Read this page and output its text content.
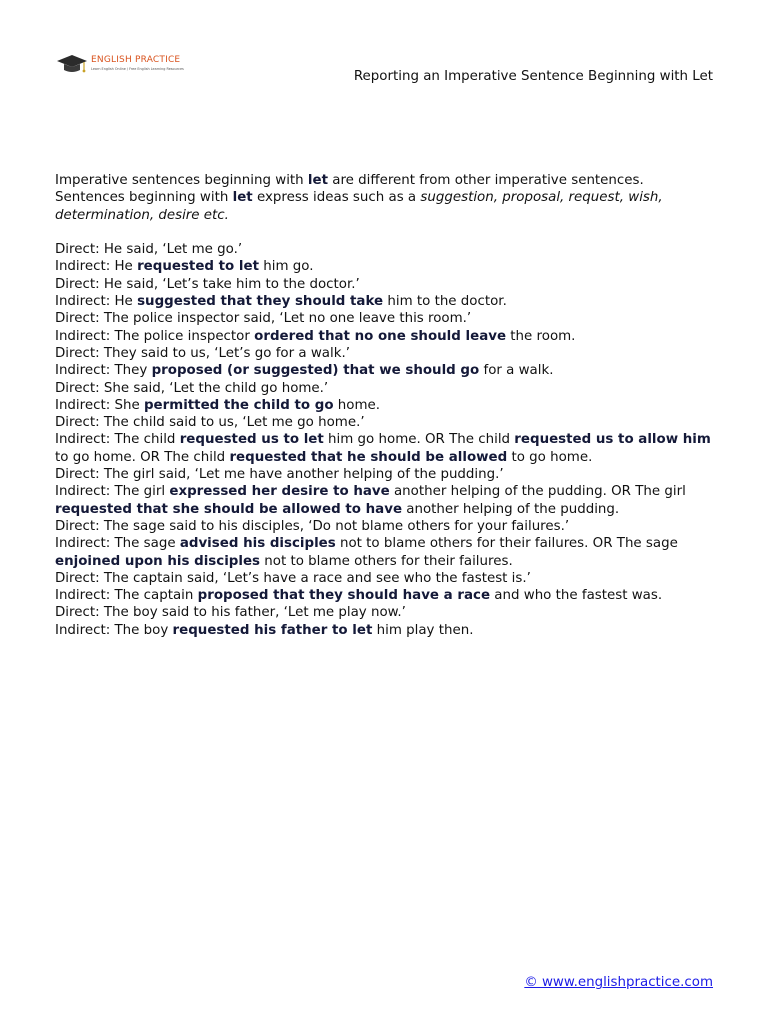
ENGLISH PRACTICE
Learn English Online / Free English Learning Resources	Reporting an Imperative Sentence Beginning with Let

Imperative sentences beginning with let are different from other imperative sentences. Sentences beginning with let express ideas such as a suggestion, proposal, request, wish, determination, desire etc.

Direct: He said, ‘Let me go.’

Indirect: He requested to let him go.

Direct: He said, ‘Let’s take him to the doctor.’

Indirect: He suggested that they should take him to the doctor.

Direct: The police inspector said, ‘Let no one leave this room.’

Indirect: The police inspector ordered that no one should leave the room.

Direct: They said to us, ‘Let’s go for a walk.’

Indirect: They proposed (or suggested) that we should go for a walk.

Direct: She said, ‘Let the child go home.’

Indirect: She permitted the child to go home.

Direct: The child said to us, ‘Let me go home.’

Indirect: The child requested us to let him go home. OR The child requested us to allow him to go home. OR The child requested that he should be allowed to go home.

Direct: The girl said, ‘Let me have another helping of the pudding.’

Indirect: The girl expressed her desire to have another helping of the pudding. OR The girl requested that she should be allowed to have another helping of the pudding.

Direct: The sage said to his disciples, ‘Do not blame others for your failures.’

Indirect: The sage advised his disciples not to blame others for their failures. OR The sage enjoined upon his disciples not to blame others for their failures.

Direct: The captain said, ‘Let’s have a race and see who the fastest is.’

Indirect: The captain proposed that they should have a race and who the fastest was.

Direct: The boy said to his father, ‘Let me play now.’

Indirect: The boy requested his father to let him play then.

© www.englishpractice.com
